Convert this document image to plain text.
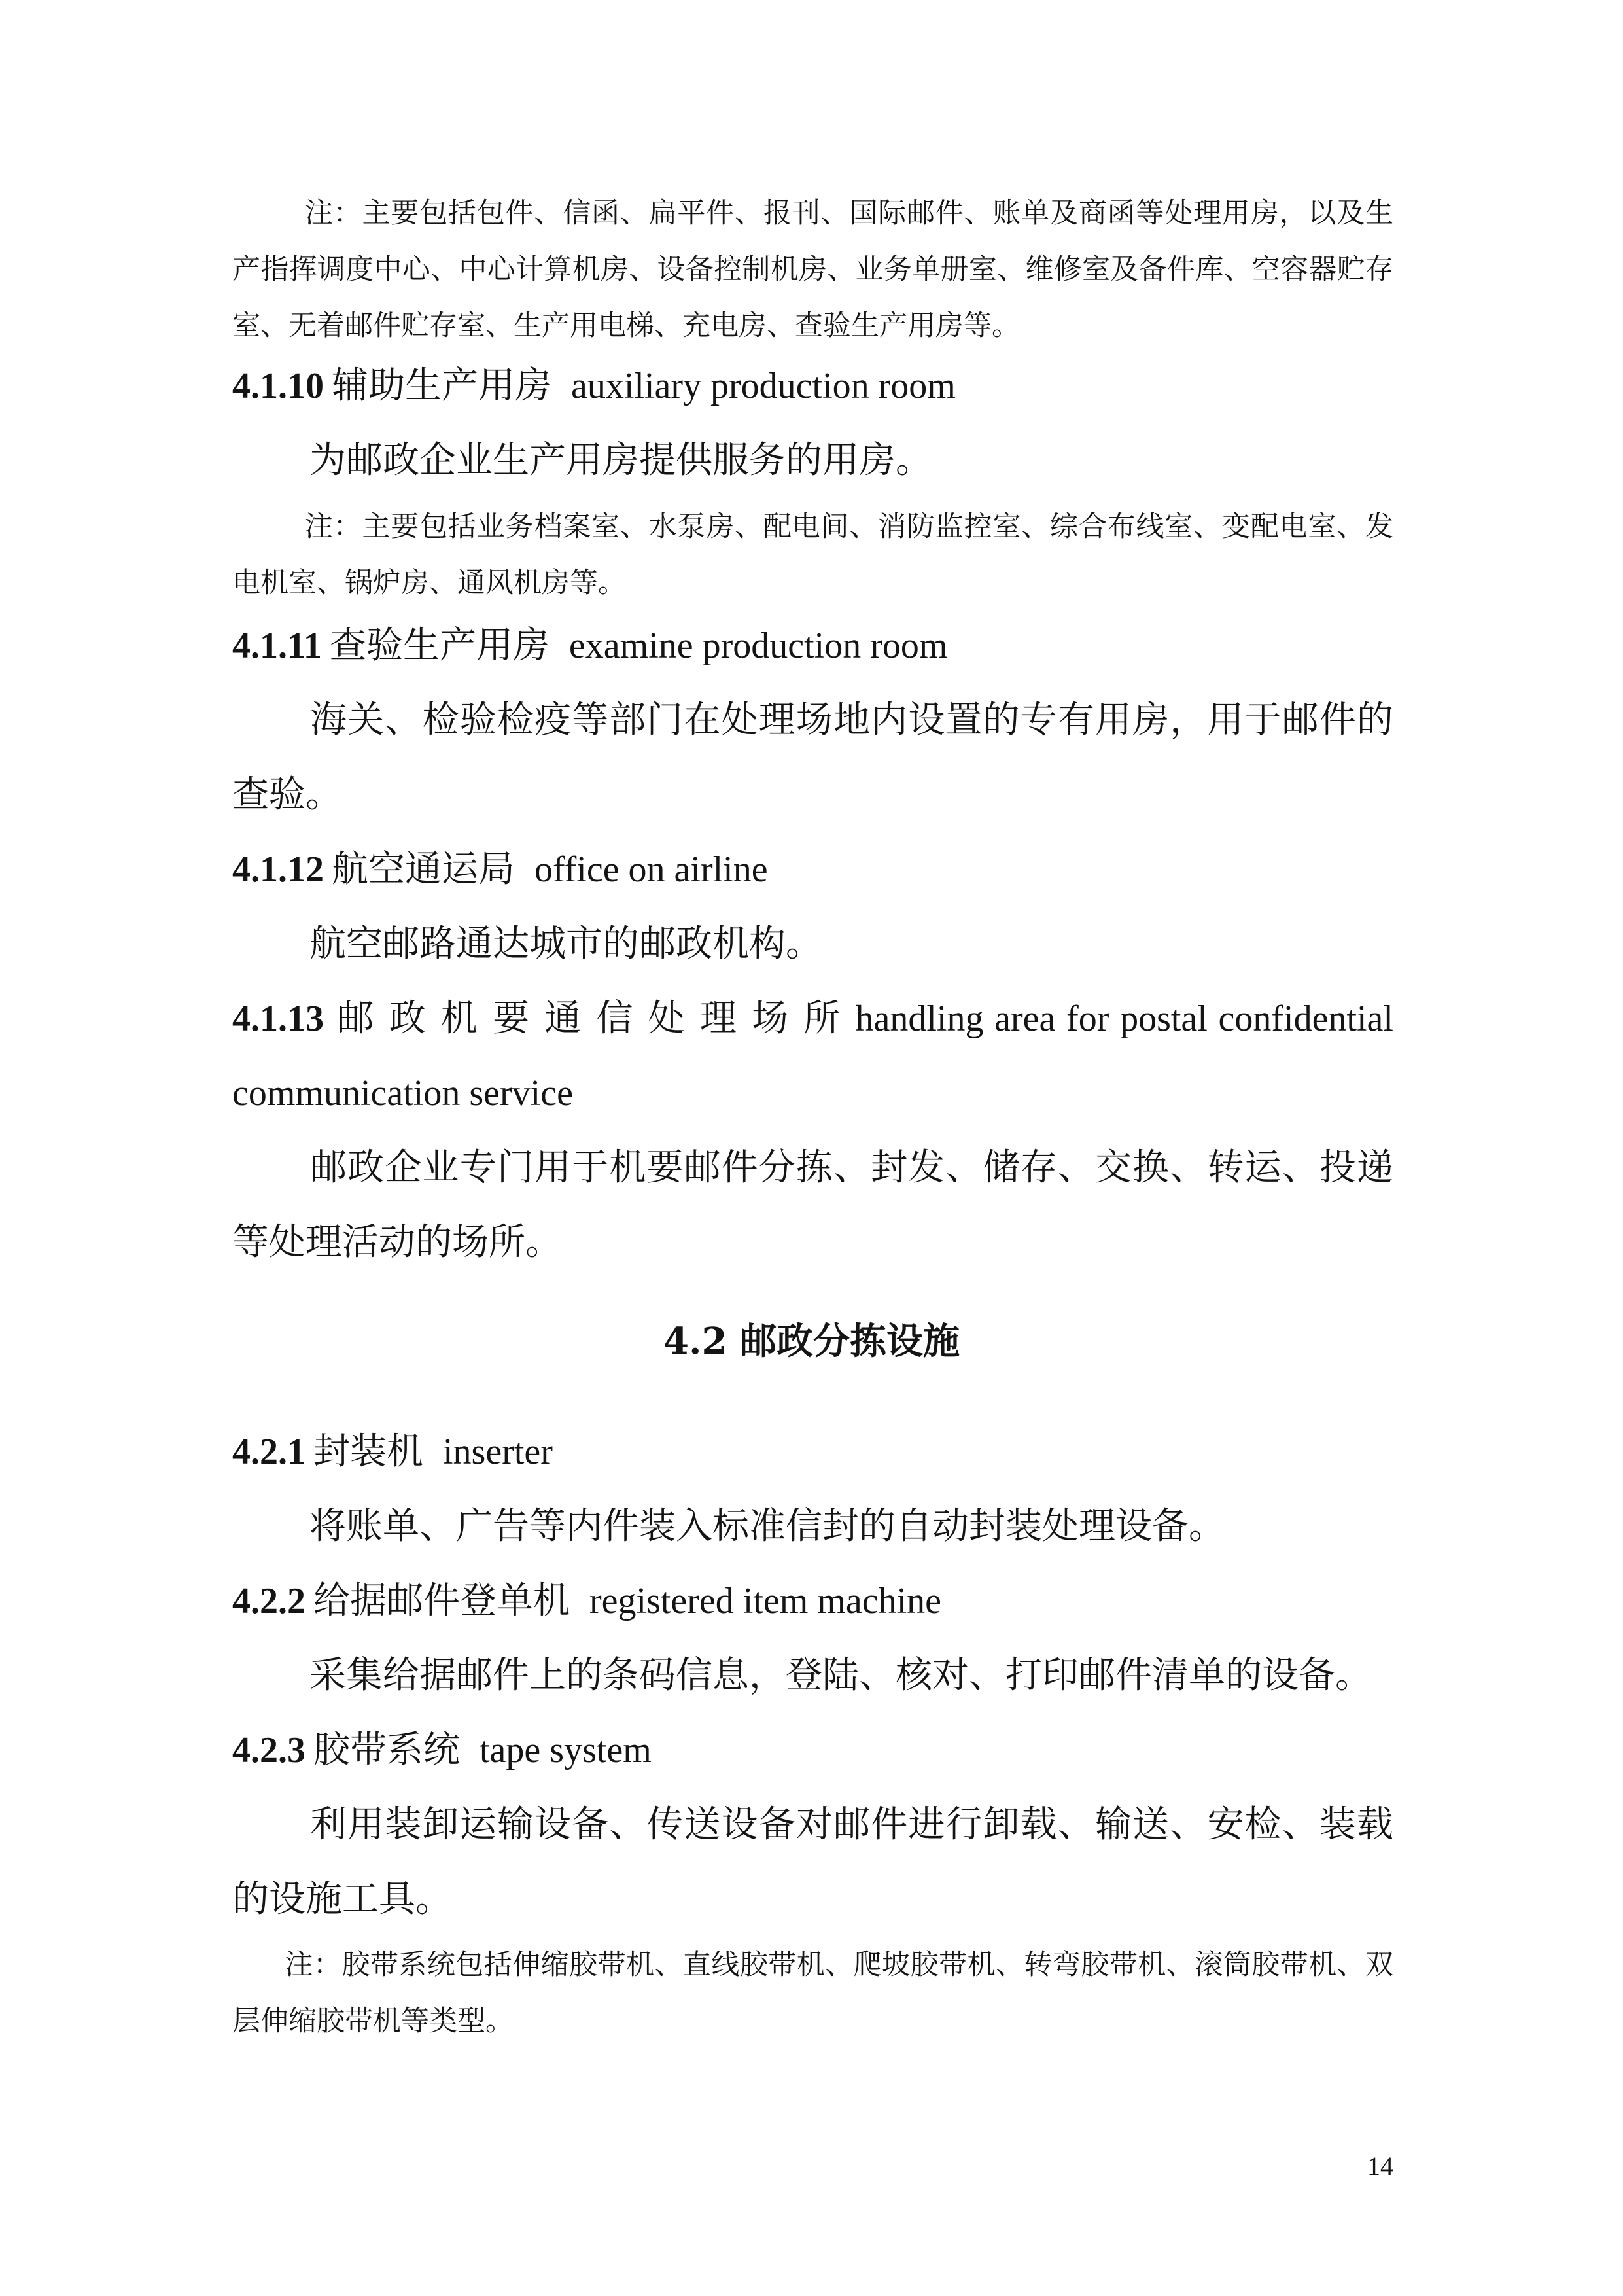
注：主要包括包件、信函、扁平件、报刊、国际邮件、账单及商函等处理用房，以及生产指挥调度中心、中心计算机房、设备控制机房、业务单册室、维修室及备件库、空容器贮存室、无着邮件贮存室、生产用电梯、充电房、查验生产用房等。
4.1.10 辅助生产用房 auxiliary production room
为邮政企业生产用房提供服务的用房。
注：主要包括业务档案室、水泵房、配电间、消防监控室、综合布线室、变配电室、发电机室、锅炉房、通风机房等。
4.1.11 查验生产用房 examine production room
海关、检验检疫等部门在处理场地内设置的专有用房，用于邮件的查验。
4.1.12 航空通运局 office on airline
航空邮路通达城市的邮政机构。
4.1.13 邮 政 机 要 通 信 处 理 场 所 handling area for postal confidential
communication service
邮政企业专门用于机要邮件分拣、封发、储存、交换、转运、投递等处理活动的场所。
4.2 邮政分拣设施
4.2.1 封装机 inserter
将账单、广告等内件装入标准信封的自动封装处理设备。
4.2.2 给据邮件登单机 registered item machine
采集给据邮件上的条码信息，登陆、核对、打印邮件清单的设备。
4.2.3 胶带系统 tape system
利用装卸运输设备、传送设备对邮件进行卸载、输送、安检、装载的设施工具。
注：胶带系统包括伸缩胶带机、直线胶带机、爬坡胶带机、转弯胶带机、滚筒胶带机、双层伸缩胶带机等类型。
14
